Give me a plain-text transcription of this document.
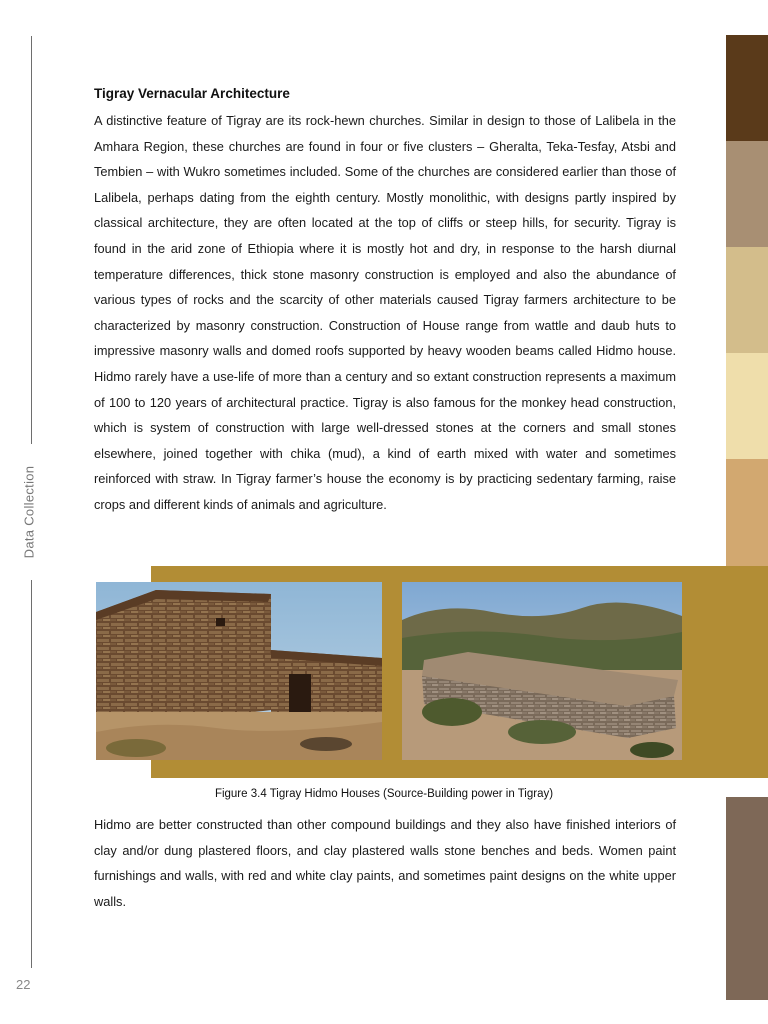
Data Collection
22
Tigray Vernacular Architecture

A distinctive feature of Tigray are its rock-hewn churches. Similar in design to those of Lalibela in the Amhara Region, these churches are found in four or five clusters – Gheralta, Teka-Tesfay, Atsbi and Tembien – with Wukro sometimes included. Some of the churches are considered earlier than those of Lalibela, perhaps dating from the eighth century. Mostly monolithic, with designs partly inspired by classical architecture, they are often located at the top of cliffs or steep hills, for security. Tigray is found in the arid zone of Ethiopia where it is mostly hot and dry, in response to the harsh diurnal temperature differences, thick stone masonry construction is employed and also the abundance of various types of rocks and the scarcity of other materials caused Tigray farmers architecture to be characterized by masonry construction. Construction of House range from wattle and daub huts to impressive masonry walls and domed roofs supported by heavy wooden beams called Hidmo house. Hidmo rarely have a use-life of more than a century and so extant construction represents a maximum of 100 to 120 years of architectural practice. Tigray is also famous for the monkey head construction, which is system of construction with large well-dressed stones at the corners and small stones elsewhere, joined together with chika (mud), a kind of earth mixed with water and sometimes reinforced with straw. In Tigray farmer’s house the economy is by practicing sedentary farming, raise crops and different kinds of animals and agriculture.

Figure 3.4 Tigray Hidmo Houses (Source-Building power in Tigray)

Hidmo are better constructed than other compound buildings and they also have finished interiors of clay and/or dung plastered floors, and clay plastered walls stone benches and beds. Women paint furnishings and walls, with red and white clay paints, and sometimes paint designs on the white upper walls.
